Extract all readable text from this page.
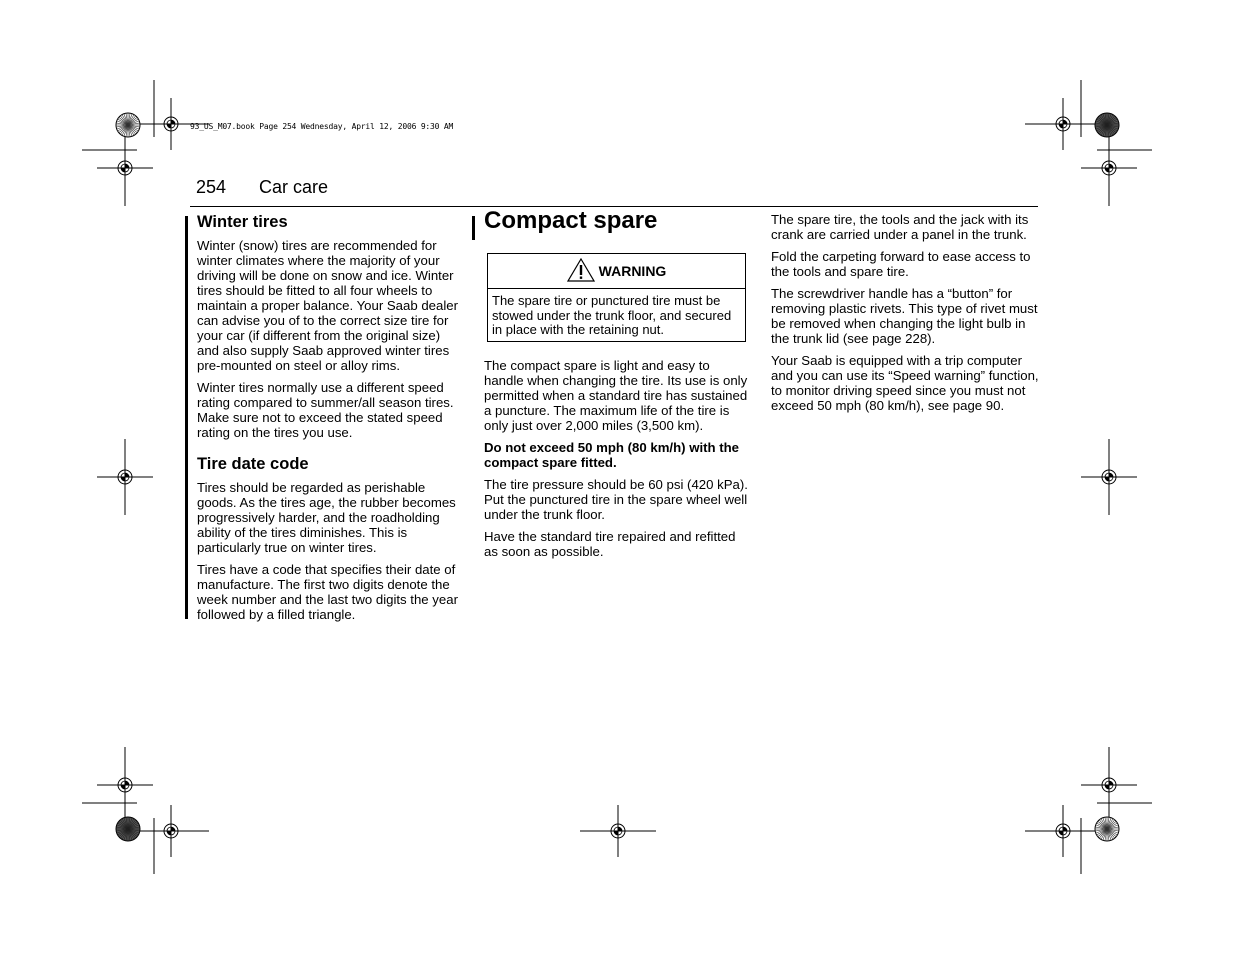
93_US_M07.book Page 254 Wednesday, April 12, 2006 9:30 AM
254 Car care
Winter tires

Winter (snow) tires are recommended for winter climates where the majority of your driving will be done on snow and ice. Winter tires should be fitted to all four wheels to maintain a proper balance. Your Saab dealer can advise you of to the correct size tire for your car (if different from the original size) and also supply Saab approved winter tires pre-mounted on steel or alloy rims.

Winter tires normally use a different speed rating compared to summer/all season tires. Make sure not to exceed the stated speed rating on the tires you use.

Tire date code

Tires should be regarded as perishable goods. As the tires age, the rubber becomes progressively harder, and the roadholding ability of the tires diminishes. This is particularly true on winter tires.

Tires have a code that specifies their date of manufacture. The first two digits denote the week number and the last two digits the year followed by a filled triangle.

Compact spare
WARNING
The spare tire or punctured tire must be stowed under the trunk floor, and secured in place with the retaining nut.

The compact spare is light and easy to handle when changing the tire. Its use is only permitted when a standard tire has sustained a puncture. The maximum life of the tire is only just over 2,000 miles (3,500 km).

Do not exceed 50 mph (80 km/h) with the compact spare fitted.

The tire pressure should be 60 psi (420 kPa). Put the punctured tire in the spare wheel well under the trunk floor.

Have the standard tire repaired and refitted as soon as possible.

The spare tire, the tools and the jack with its crank are carried under a panel in the trunk.

Fold the carpeting forward to ease access to the tools and spare tire.

The screwdriver handle has a “button” for removing plastic rivets. This type of rivet must be removed when changing the light bulb in the trunk lid (see page 228).

Your Saab is equipped with a trip computer and you can use its “Speed warning” function, to monitor driving speed since you must not exceed 50 mph (80 km/h), see page 90.
